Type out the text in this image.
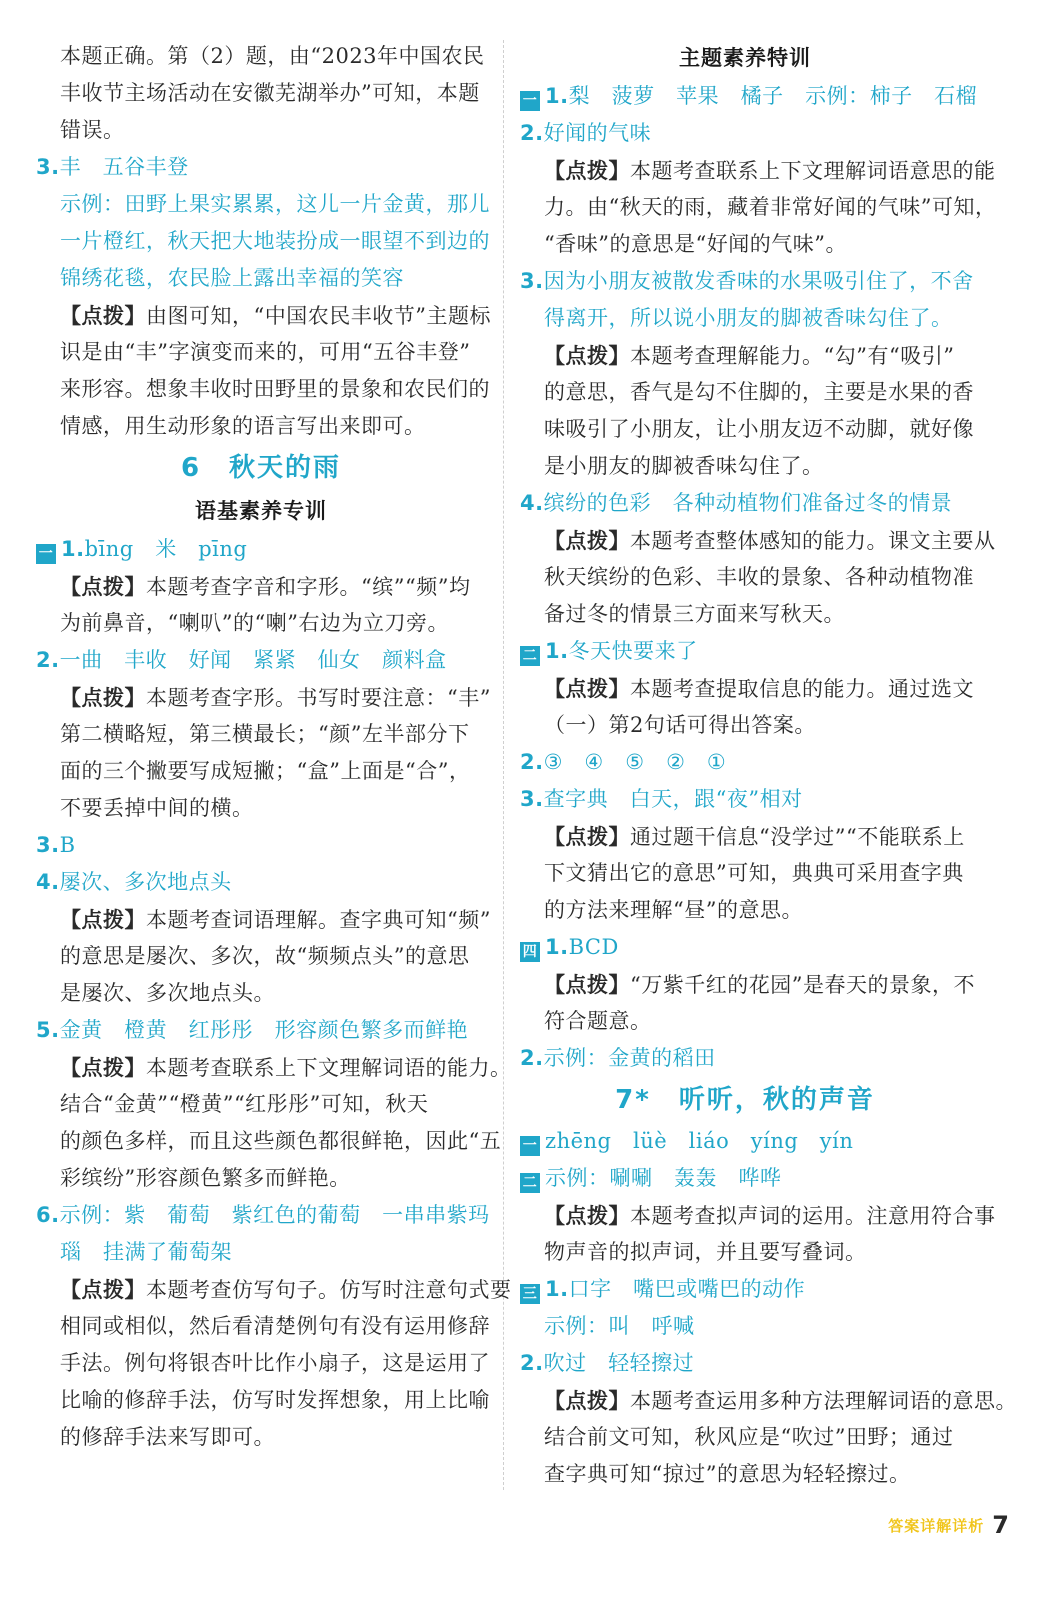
本题正确。第（2）题，由“2023年中国农民
丰收节主场活动在安徽芜湖举办”可知，本题
错误。
3.丰　五谷丰登
示例：田野上果实累累，这儿一片金黄，那儿
一片橙红，秋天把大地装扮成一眼望不到边的
锦绣花毯，农民脸上露出幸福的笑容
【点拨】由图可知，“中国农民丰收节”主题标
识是由“丰”字演变而来的，可用“五谷丰登”
来形容。想象丰收时田野里的景象和农民们的
情感，用生动形象的语言写出来即可。
6　秋天的雨
语基素养专训
一 1.bīng　米　pīng
【点拨】本题考查字音和字形。“缤”“频”均
为前鼻音，“喇叭”的“喇”右边为立刀旁。
2.一曲　丰收　好闻　紧紧　仙女　颜料盒
【点拨】本题考查字形。书写时要注意：“丰”
第二横略短，第三横最长；“颜”左半部分下
面的三个撇要写成短撇；“盒”上面是“合”，
不要丢掉中间的横。
3.B
4.屡次、多次地点头
【点拨】本题考查词语理解。查字典可知“频”
的意思是屡次、多次，故“频频点头”的意思
是屡次、多次地点头。
5.金黄　橙黄　红彤彤　形容颜色繁多而鲜艳
【点拨】本题考查联系上下文理解词语的能力。
结合“金黄”“橙黄”“红彤彤”可知，秋天
的颜色多样，而且这些颜色都很鲜艳，因此“五
彩缤纷”形容颜色繁多而鲜艳。
6.示例：紫　葡萄　紫红色的葡萄　一串串紫玛
瑙　挂满了葡萄架
【点拨】本题考查仿写句子。仿写时注意句式要
相同或相似，然后看清楚例句有没有运用修辞
手法。例句将银杏叶比作小扇子，这是运用了
比喻的修辞手法，仿写时发挥想象，用上比喻
的修辞手法来写即可。
主题素养特训
一 1.梨　菠萝　苹果　橘子　示例：柿子　石榴
2.好闻的气味
【点拨】本题考查联系上下文理解词语意思的能
力。由“秋天的雨，藏着非常好闻的气味”可知，
“香味”的意思是“好闻的气味”。
3.因为小朋友被散发香味的水果吸引住了，不舍
得离开，所以说小朋友的脚被香味勾住了。
【点拨】本题考查理解能力。“勾”有“吸引”
的意思，香气是勾不住脚的，主要是水果的香
味吸引了小朋友，让小朋友迈不动脚，就好像
是小朋友的脚被香味勾住了。
4.缤纷的色彩　各种动植物们准备过冬的情景
【点拨】本题考查整体感知的能力。课文主要从
秋天缤纷的色彩、丰收的景象、各种动植物准
备过冬的情景三方面来写秋天。
二 1.冬天快要来了
【点拨】本题考查提取信息的能力。通过选文
（一）第2句话可得出答案。
2.③　④　⑤　②　①
3.查字典　白天，跟“夜”相对
【点拨】通过题干信息“没学过”“不能联系上
下文猜出它的意思”可知，典典可采用查字典
的方法来理解“昼”的意思。
四 1.BCD
【点拨】“万紫千红的花园”是春天的景象，不
符合题意。
2.示例：金黄的稻田
7*　听听，秋的声音
一 zhēng　lüè　liáo　yíng　yín
二 示例：唰唰　轰轰　哗哗
【点拨】本题考查拟声词的运用。注意用符合事
物声音的拟声词，并且要写叠词。
三 1.口字　嘴巴或嘴巴的动作
示例：叫　呼喊
2.吹过　轻轻擦过
【点拨】本题考查运用多种方法理解词语的意思。
结合前文可知，秋风应是“吹过”田野；通过
查字典可知“掠过”的意思为轻轻擦过。
答案详解详析 7
